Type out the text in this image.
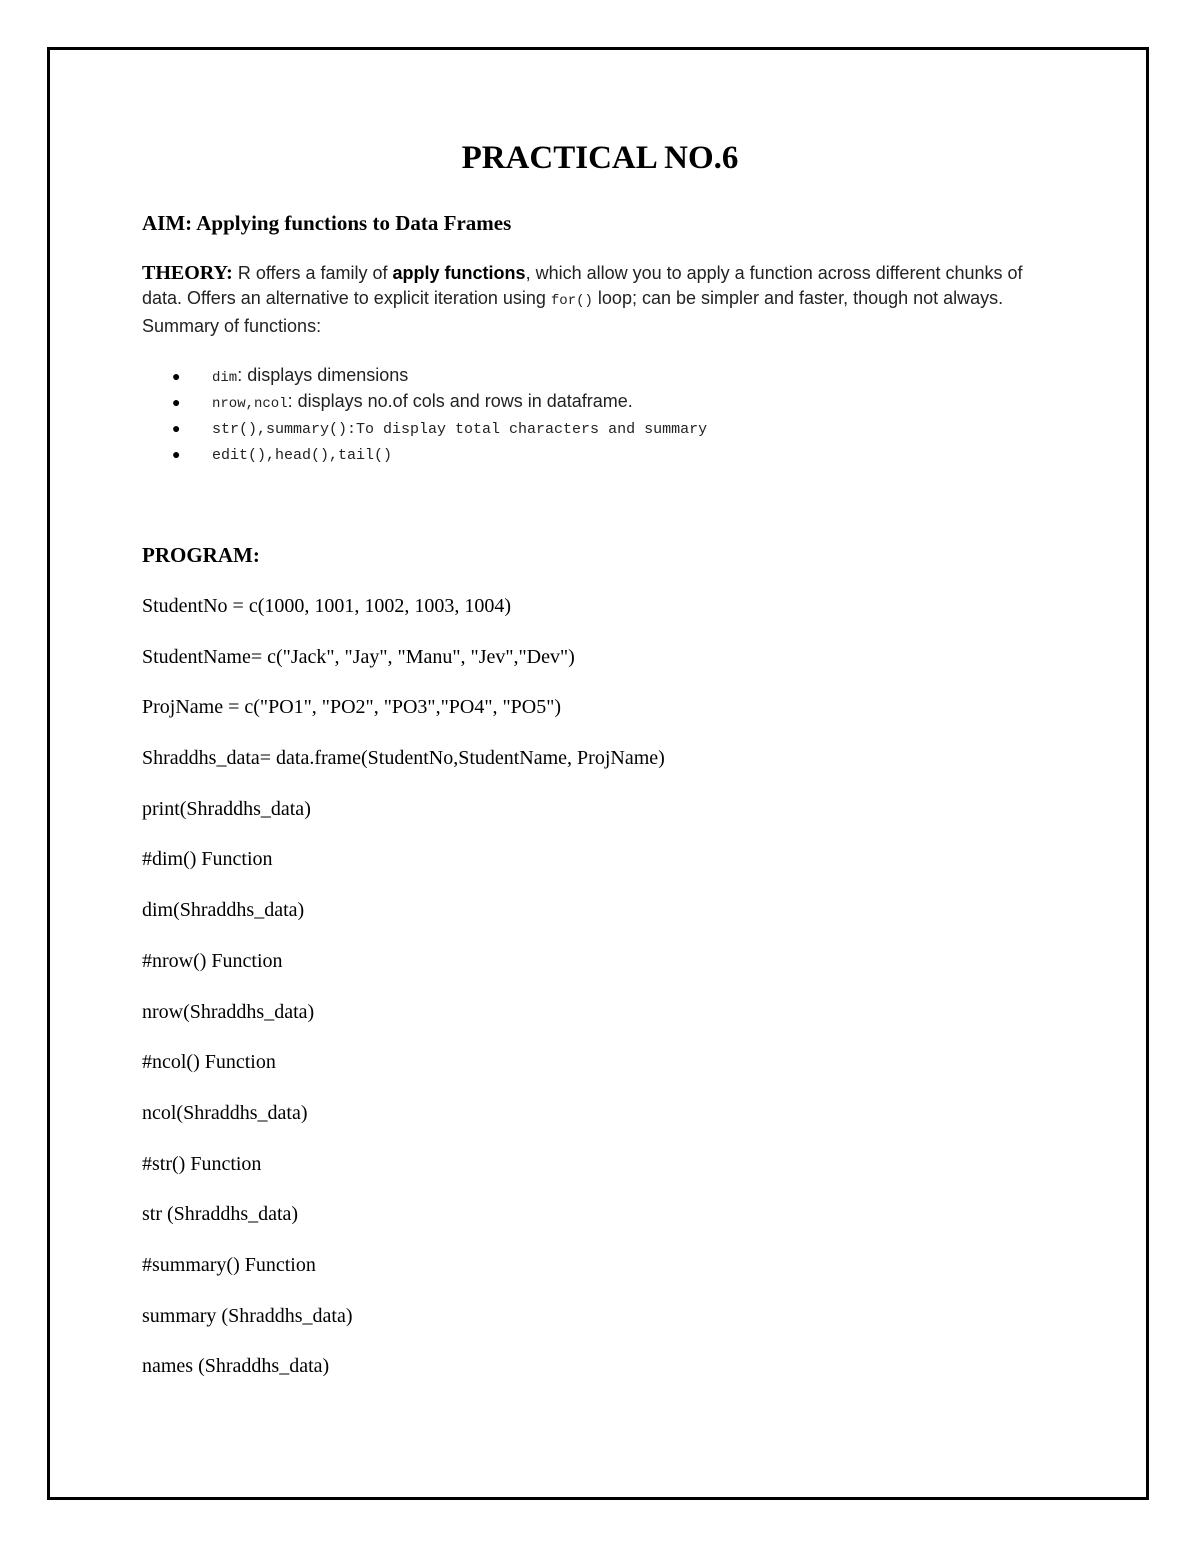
PRACTICAL NO.6
AIM: Applying functions to Data Frames
THEORY: R offers a family of apply functions, which allow you to apply a function across different chunks of data. Offers an alternative to explicit iteration using for() loop; can be simpler and faster, though not always. Summary of functions:
● dim: displays dimensions
● nrow,ncol: displays no.of cols and rows in dataframe.
● str(),summary():To display total characters and summary
● edit(),head(),tail()
PROGRAM:
StudentNo = c(1000, 1001, 1002, 1003, 1004)
StudentName= c("Jack", "Jay", "Manu", "Jev","Dev")
ProjName = c("PO1", "PO2", "PO3","PO4", "PO5")
Shraddhs_data= data.frame(StudentNo,StudentName, ProjName)
print(Shraddhs_data)
#dim() Function
dim(Shraddhs_data)
#nrow() Function
nrow(Shraddhs_data)
#ncol() Function
ncol(Shraddhs_data)
#str() Function
str (Shraddhs_data)
#summary() Function
summary (Shraddhs_data)
names (Shraddhs_data)
